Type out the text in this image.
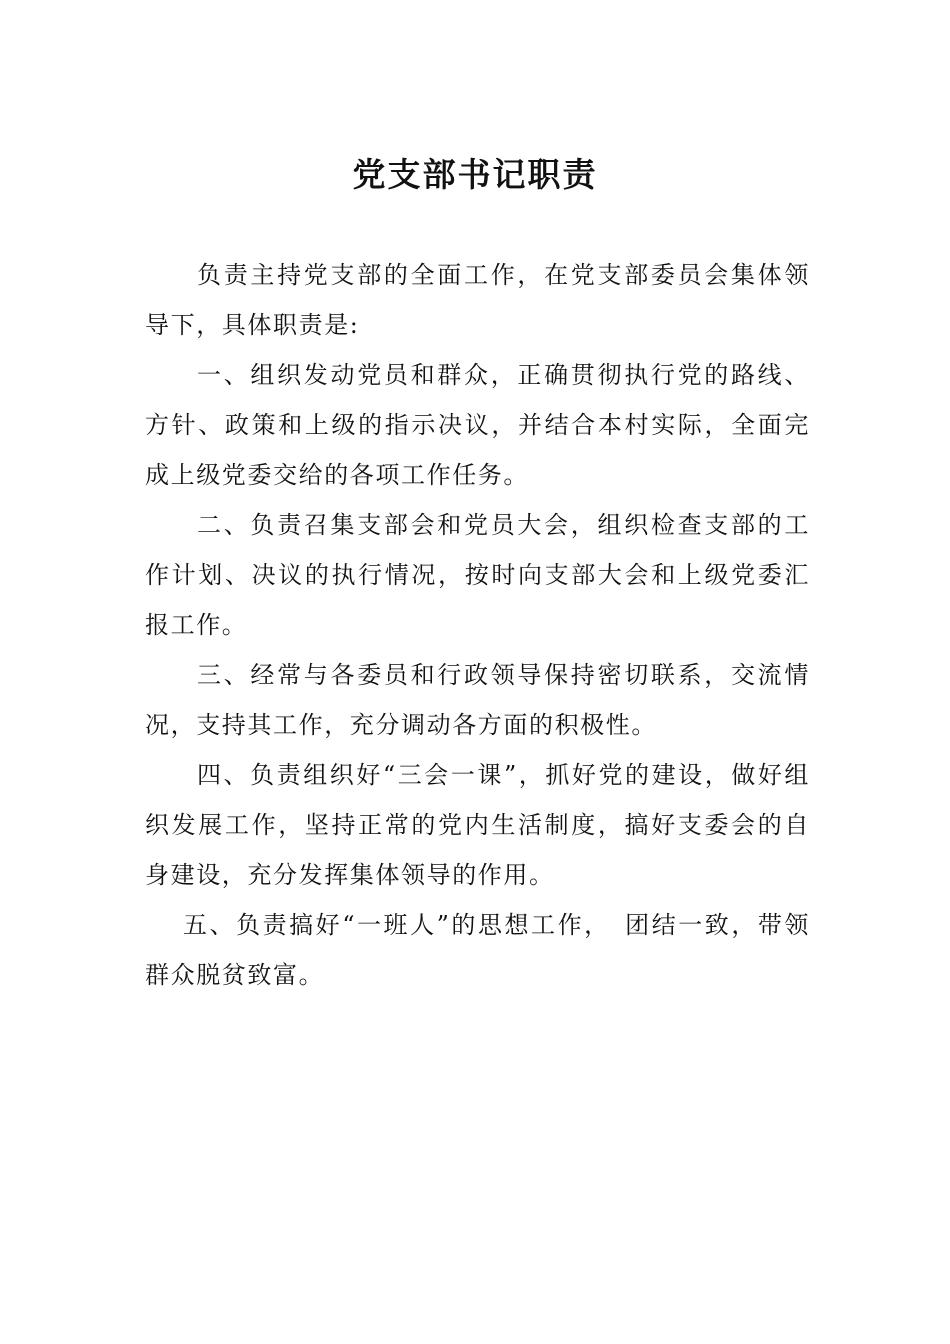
党支部书记职责

负责主持党支部的全面工作，在党支部委员会集体领导下，具体职责是:

一、组织发动党员和群众，正确贯彻执行党的路线、方针、政策和上级的指示决议，并结合本村实际，全面完成上级党委交给的各项工作任务。

二、负责召集支部会和党员大会，组织检查支部的工作计划、决议的执行情况，按时向支部大会和上级党委汇报工作。

三、经常与各委员和行政领导保持密切联系，交流情况，支持其工作，充分调动各方面的积极性。

四、负责组织好“三会一课”，抓好党的建设，做好组织发展工作，坚持正常的党内生活制度，搞好支委会的自身建设，充分发挥集体领导的作用。

五、负责搞好“一班人”的思想工作，　团结一致，带领群众脱贫致富。
